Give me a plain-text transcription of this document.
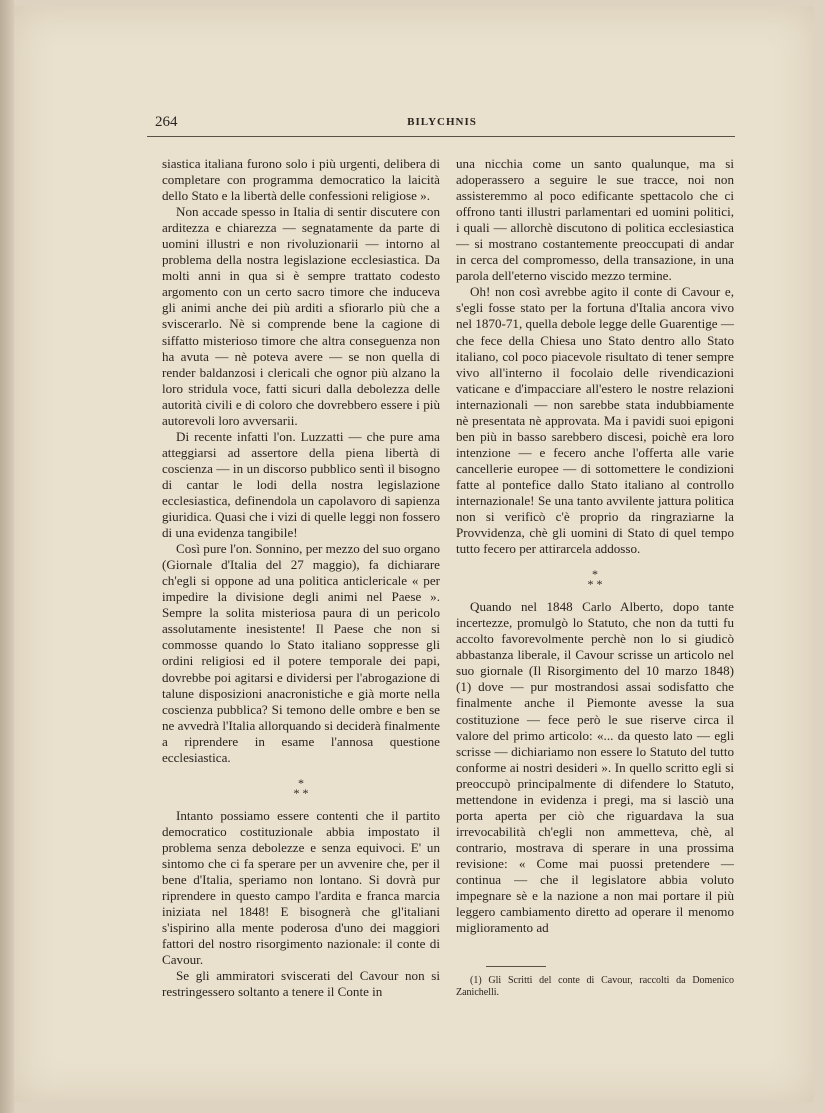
264	BILYCHNIS

siastica italiana furono solo i più urgenti, delibera di completare con programma democratico la laicità dello Stato e la libertà delle confessioni religiose ».

Non accade spesso in Italia di sentir discutere con arditezza e chiarezza — segnatamente da parte di uomini illustri e non rivoluzionarii — intorno al problema della nostra legislazione ecclesiastica. Da molti anni in qua si è sempre trattato codesto argomento con un certo sacro timore che induceva gli animi anche dei più arditi a sfiorarlo più che a sviscerarlo. Nè si comprende bene la cagione di siffatto misterioso timore che altra conseguenza non ha avuta — nè poteva avere — se non quella di render baldanzosi i clericali che ognor più alzano la loro stridula voce, fatti sicuri dalla debolezza delle autorità civili e di coloro che dovrebbero essere i più autorevoli loro avversarii.

Di recente infatti l'on. Luzzatti — che pure ama atteggiarsi ad assertore della piena libertà di coscienza — in un discorso pubblico sentì il bisogno di cantar le lodi della nostra legislazione ecclesiastica, definendola un capolavoro di sapienza giuridica. Quasi che i vizi di quelle leggi non fossero di una evidenza tangibile!

Così pure l'on. Sonnino, per mezzo del suo organo (Giornale d'Italia del 27 maggio), fa dichiarare ch'egli si oppone ad una politica anticlericale « per impedire la divisione degli animi nel Paese ». Sempre la solita misteriosa paura di un pericolo assolutamente inesistente! Il Paese che non si commosse quando lo Stato italiano soppresse gli ordini religiosi ed il potere temporale dei papi, dovrebbe poi agitarsi e dividersi per l'abrogazione di talune disposizioni anacronistiche e già morte nella coscienza pubblica? Si temono delle ombre e ben se ne avvedrà l'Italia allorquando si deciderà finalmente a riprendere in esame l'annosa questione ecclesiastica.

*
* *

Intanto possiamo essere contenti che il partito democratico costituzionale abbia impostato il problema senza debolezze e senza equivoci. E' un sintomo che ci fa sperare per un avvenire che, per il bene d'Italia, speriamo non lontano. Si dovrà pur riprendere in questo campo l'ardita e franca marcia iniziata nel 1848! E bisognerà che gl'italiani s'ispirino alla mente poderosa d'uno dei maggiori fattori del nostro risorgimento nazionale: il conte di Cavour.

Se gli ammiratori sviscerati del Cavour non si restringessero soltanto a tenere il Conte in

una nicchia come un santo qualunque, ma si adoperassero a seguire le sue tracce, noi non assisteremmo al poco edificante spettacolo che ci offrono tanti illustri parlamentari ed uomini politici, i quali — allorchè discutono di politica ecclesiastica — si mostrano costantemente preoccupati di andar in cerca del compromesso, della transazione, in una parola dell'eterno viscido mezzo termine.

Oh! non così avrebbe agito il conte di Cavour e, s'egli fosse stato per la fortuna d'Italia ancora vivo nel 1870-71, quella debole legge delle Guarentige — che fece della Chiesa uno Stato dentro allo Stato italiano, col poco piacevole risultato di tener sempre vivo all'interno il focolaio delle rivendicazioni vaticane e d'impacciare all'estero le nostre relazioni internazionali — non sarebbe stata indubbiamente nè presentata nè approvata. Ma i pavidi suoi epigoni ben più in basso sarebbero discesi, poichè era loro intenzione — e fecero anche l'offerta alle varie cancellerie europee — di sottomettere le condizioni fatte al pontefice dallo Stato italiano al controllo internazionale! Se una tanto avvilente jattura politica non si verificò c'è proprio da ringraziarne la Provvidenza, chè gli uomini di Stato di quel tempo tutto fecero per attirarcela addosso.

*
* *

Quando nel 1848 Carlo Alberto, dopo tante incertezze, promulgò lo Statuto, che non da tutti fu accolto favorevolmente perchè non lo si giudicò abbastanza liberale, il Cavour scrisse un articolo nel suo giornale (Il Risorgimento del 10 marzo 1848) (1) dove — pur mostrandosi assai sodisfatto che finalmente anche il Piemonte avesse la sua costituzione — fece però le sue riserve circa il valore del primo articolo: «... da questo lato — egli scrisse — dichiariamo non essere lo Statuto del tutto conforme ai nostri desideri ». In quello scritto egli si preoccupò principalmente di difendere lo Statuto, mettendone in evidenza i pregi, ma si lasciò una porta aperta per ciò che riguardava la sua irrevocabilità ch'egli non ammetteva, chè, al contrario, mostrava di sperare in una prossima revisione: « Come mai puossi pretendere — continua — che il legislatore abbia voluto impegnare sè e la nazione a non mai portare il più leggero cambiamento diretto ad operare il menomo miglioramento ad

(1) Gli Scritti del conte di Cavour, raccolti da Domenico Zanichelli.
